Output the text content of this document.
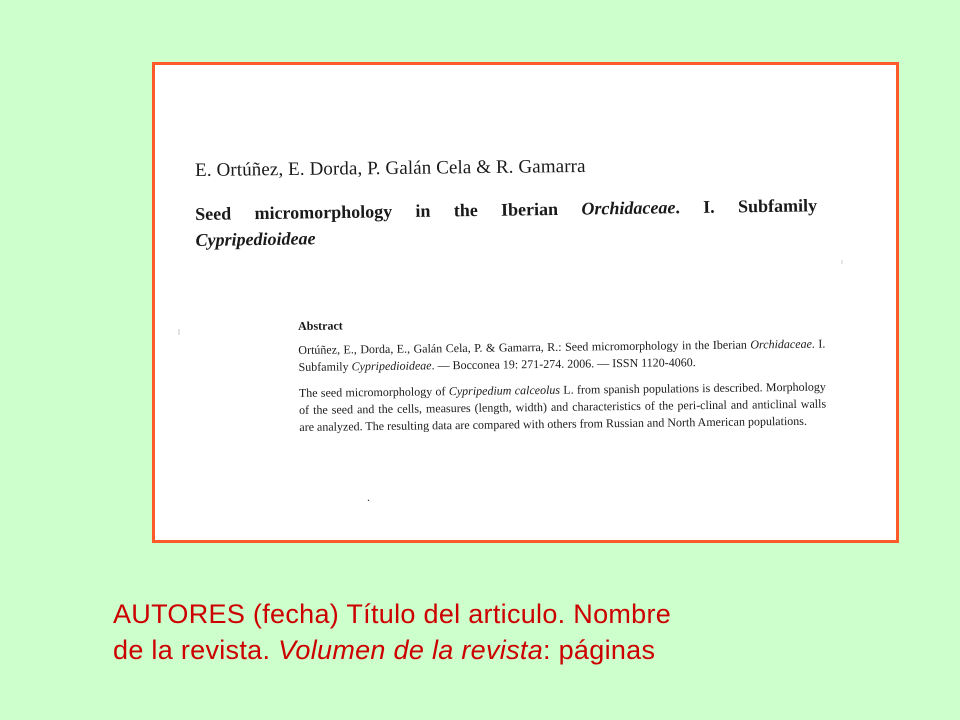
E. Ortúñez, E. Dorda, P. Galán Cela & R. Gamarra
Seed micromorphology in the Iberian Orchidaceae. I. Subfamily
Cypripedioideae

Abstract

Ortúñez, E., Dorda, E., Galán Cela, P. & Gamarra, R.: Seed micromorphology in the Iberian Orchidaceae. I. Subfamily Cypripedioideae. — Bocconea 19: 271-274. 2006. — ISSN 1120-4060.

The seed micromorphology of Cypripedium calceolus L. from spanish populations is described. Morphology of the seed and the cells, measures (length, width) and characteristics of the peri-clinal and anticlinal walls are analyzed. The resulting data are compared with others from Russian and North American populations.

.
AUTORES (fecha) Título del articulo. Nombre
de la revista. Volumen de la revista: páginas
